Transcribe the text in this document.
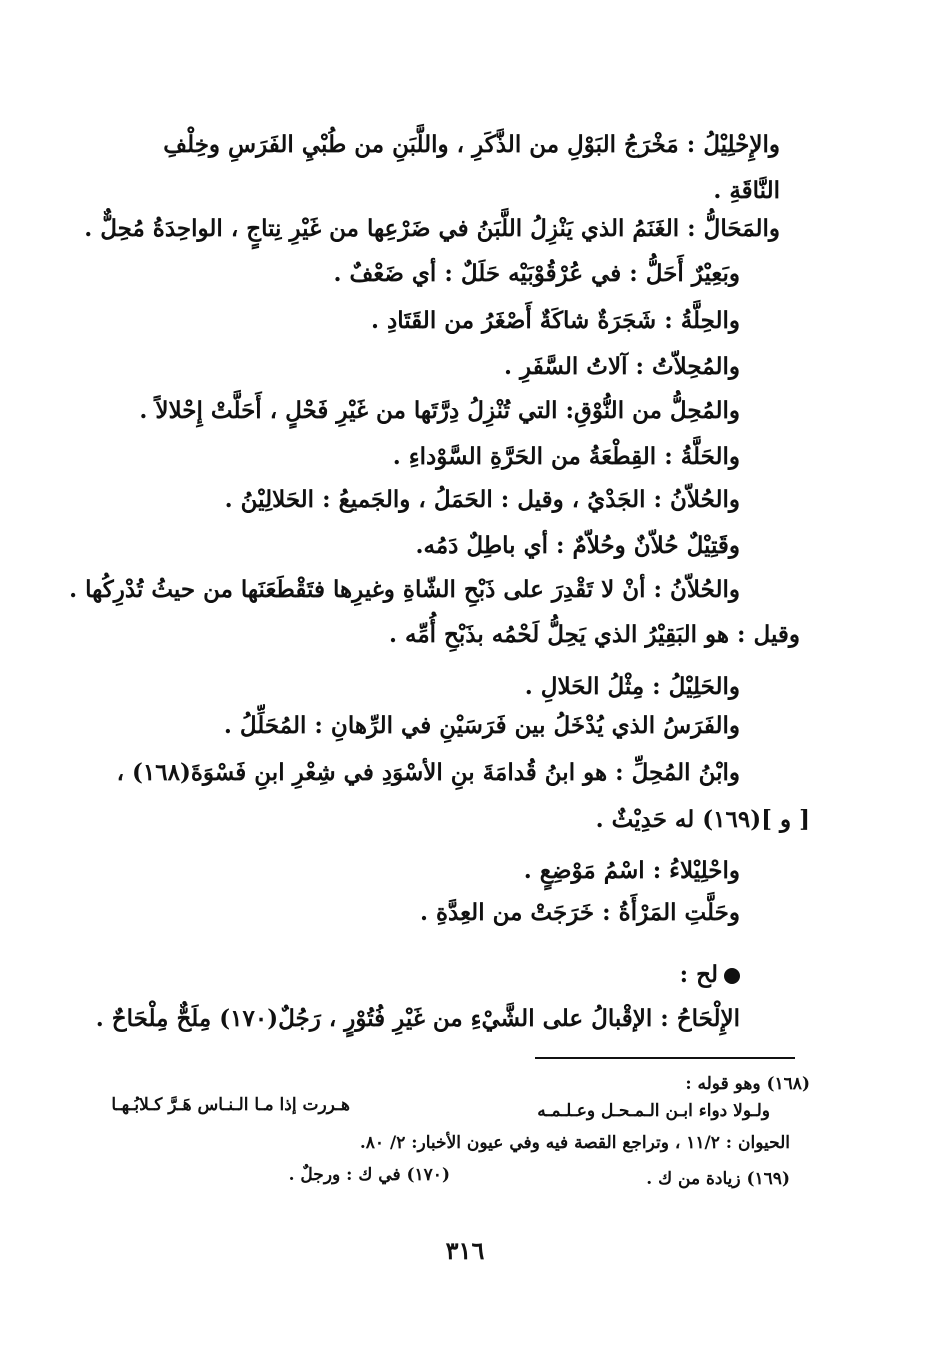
والإِحْلِيْلُ : مَخْرَجُ البَوْلِ من الذَّكَرِ ، واللَّبَنِ من طُبْيِ الفَرَسِ وخِلْفِ
النَّاقَةِ .
والمَحَالُّ : الغَنَمُ الذي يَنْزِلُ اللَّبَنُ في ضَرْعِها من غَيْرِ نِتاجٍ ، الواحِدَةُ مُحِلٌّ .
وبَعِيْرٌ أَحَلُّ : في عُرْقُوْبَيْه حَلَلٌ : أي ضَعْفٌ .
والحِلَّةُ : شَجَرَةٌ شاكَةٌ أَصْغَرُ من القَتَادِ .
والمُحِلاّتُ : آلاتُ السَّفَرِ .
والمُحِلُّ من النُّوْقِ: التي تُنْزِلُ دِرَّتَها من غَيْرِ فَحْلٍ ، أَحَلَّتْ إِحْلالاً .
والحَلَّةُ : القِطْعَةُ من الحَرَّةِ السَّوْداءِ .
والحُلاّنُ : الجَدْيُ ، وقيل : الحَمَلُ ، والجَميعُ : الحَلالِيْنُ .
وقَتِيْلٌ حُلاّنٌ وحُلاّمٌ : أي باطِلٌ دَمُه.
والحُلاّنُ : أنْ لا تَقْدِرَ على ذَبْحِ الشّاةِ وغيرِها فتَقْطَعَنَها من حيثُ تُدْرِكُها .
وقيل : هو البَقِيْرُ الذي يَحِلُّ لَحْمُه بذَبْحِ أُمِّه .
والحَلِيْلُ : مِثْلُ الحَلالِ .
والفَرَسُ الذي يُدْخَلُ بين فَرَسَيْنِ في الرِّهانِ : المُحَلِّلُ .
وابْنُ المُحِلِّ : هو ابنُ قُدامَةَ بنِ الأسْوَدِ في شِعْرِ ابنِ فَسْوَةَ(١٦٨) ،
[ و ](١٦٩) له حَدِيْثٌ .
واحْلِيْلاءُ : اسْمُ مَوْضِعٍ .
وحَلَّتِ المَرْأَةُ : خَرَجَتْ من العِدَّةِ .
لح :
الإِلْحَاحُ : الإقْبالُ على الشَّيْءِ من غَيْرِ فُتُوْرٍ ، رَجُلٌ(١٧٠) مِلَحٌّ مِلْحَاحٌ .
(١٦٨) وهو قوله :
ولـولا دواء ابـن الـمـحـل وعـلـمـه
هـررت إذا مـا الـنـاس هَـرَّ كـلابُـهـا
الحيوان : ١١/٢ ، وتراجع القصة فيه وفي عيون الأخبار: ٢/ ٨٠.
(١٦٩) زيادة من ك .
(١٧٠) في ك : ورجلٌ .
٣١٦
